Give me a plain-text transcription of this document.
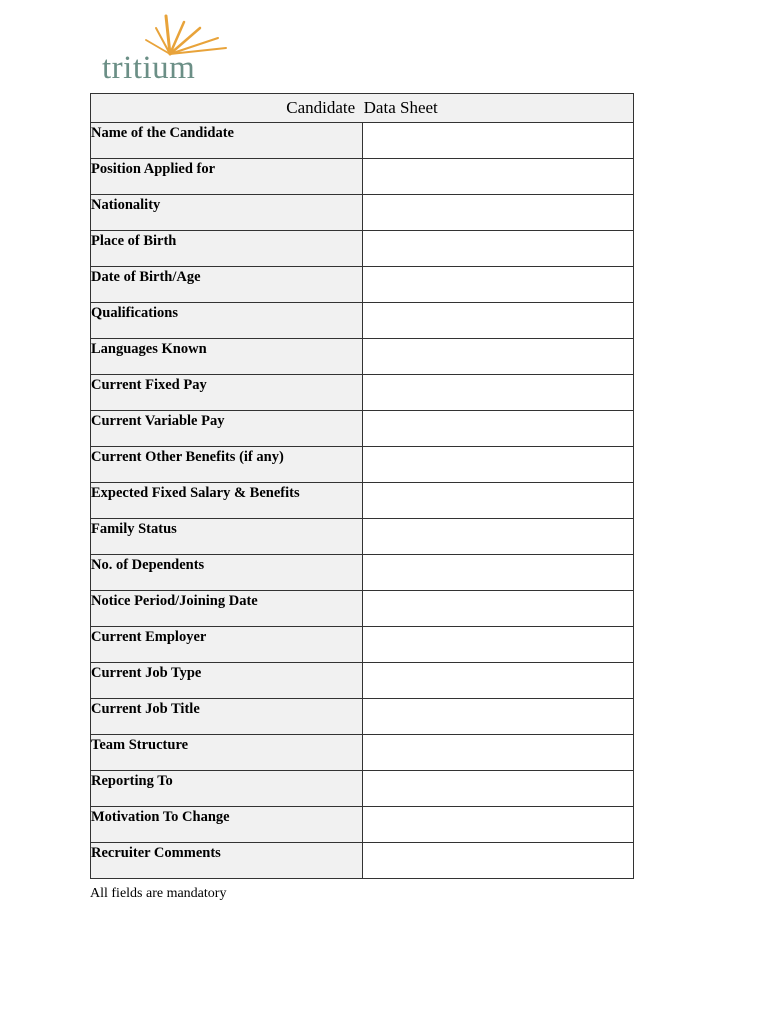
tritium
Candidate  Data Sheet	

Name of the Candidate	

Position Applied for	

Nationality	

Place of Birth	

Date of Birth/Age	

Qualifications	

Languages Known	

Current Fixed Pay	

Current Variable Pay	

Current Other Benefits (if any)	

Expected Fixed Salary & Benefits	

Family Status	

No. of Dependents	

Notice Period/Joining Date	

Current Employer	

Current Job Type	

Current Job Title	

Team Structure	

Reporting To	

Motivation To Change	

Recruiter Comments	

All fields are mandatory
